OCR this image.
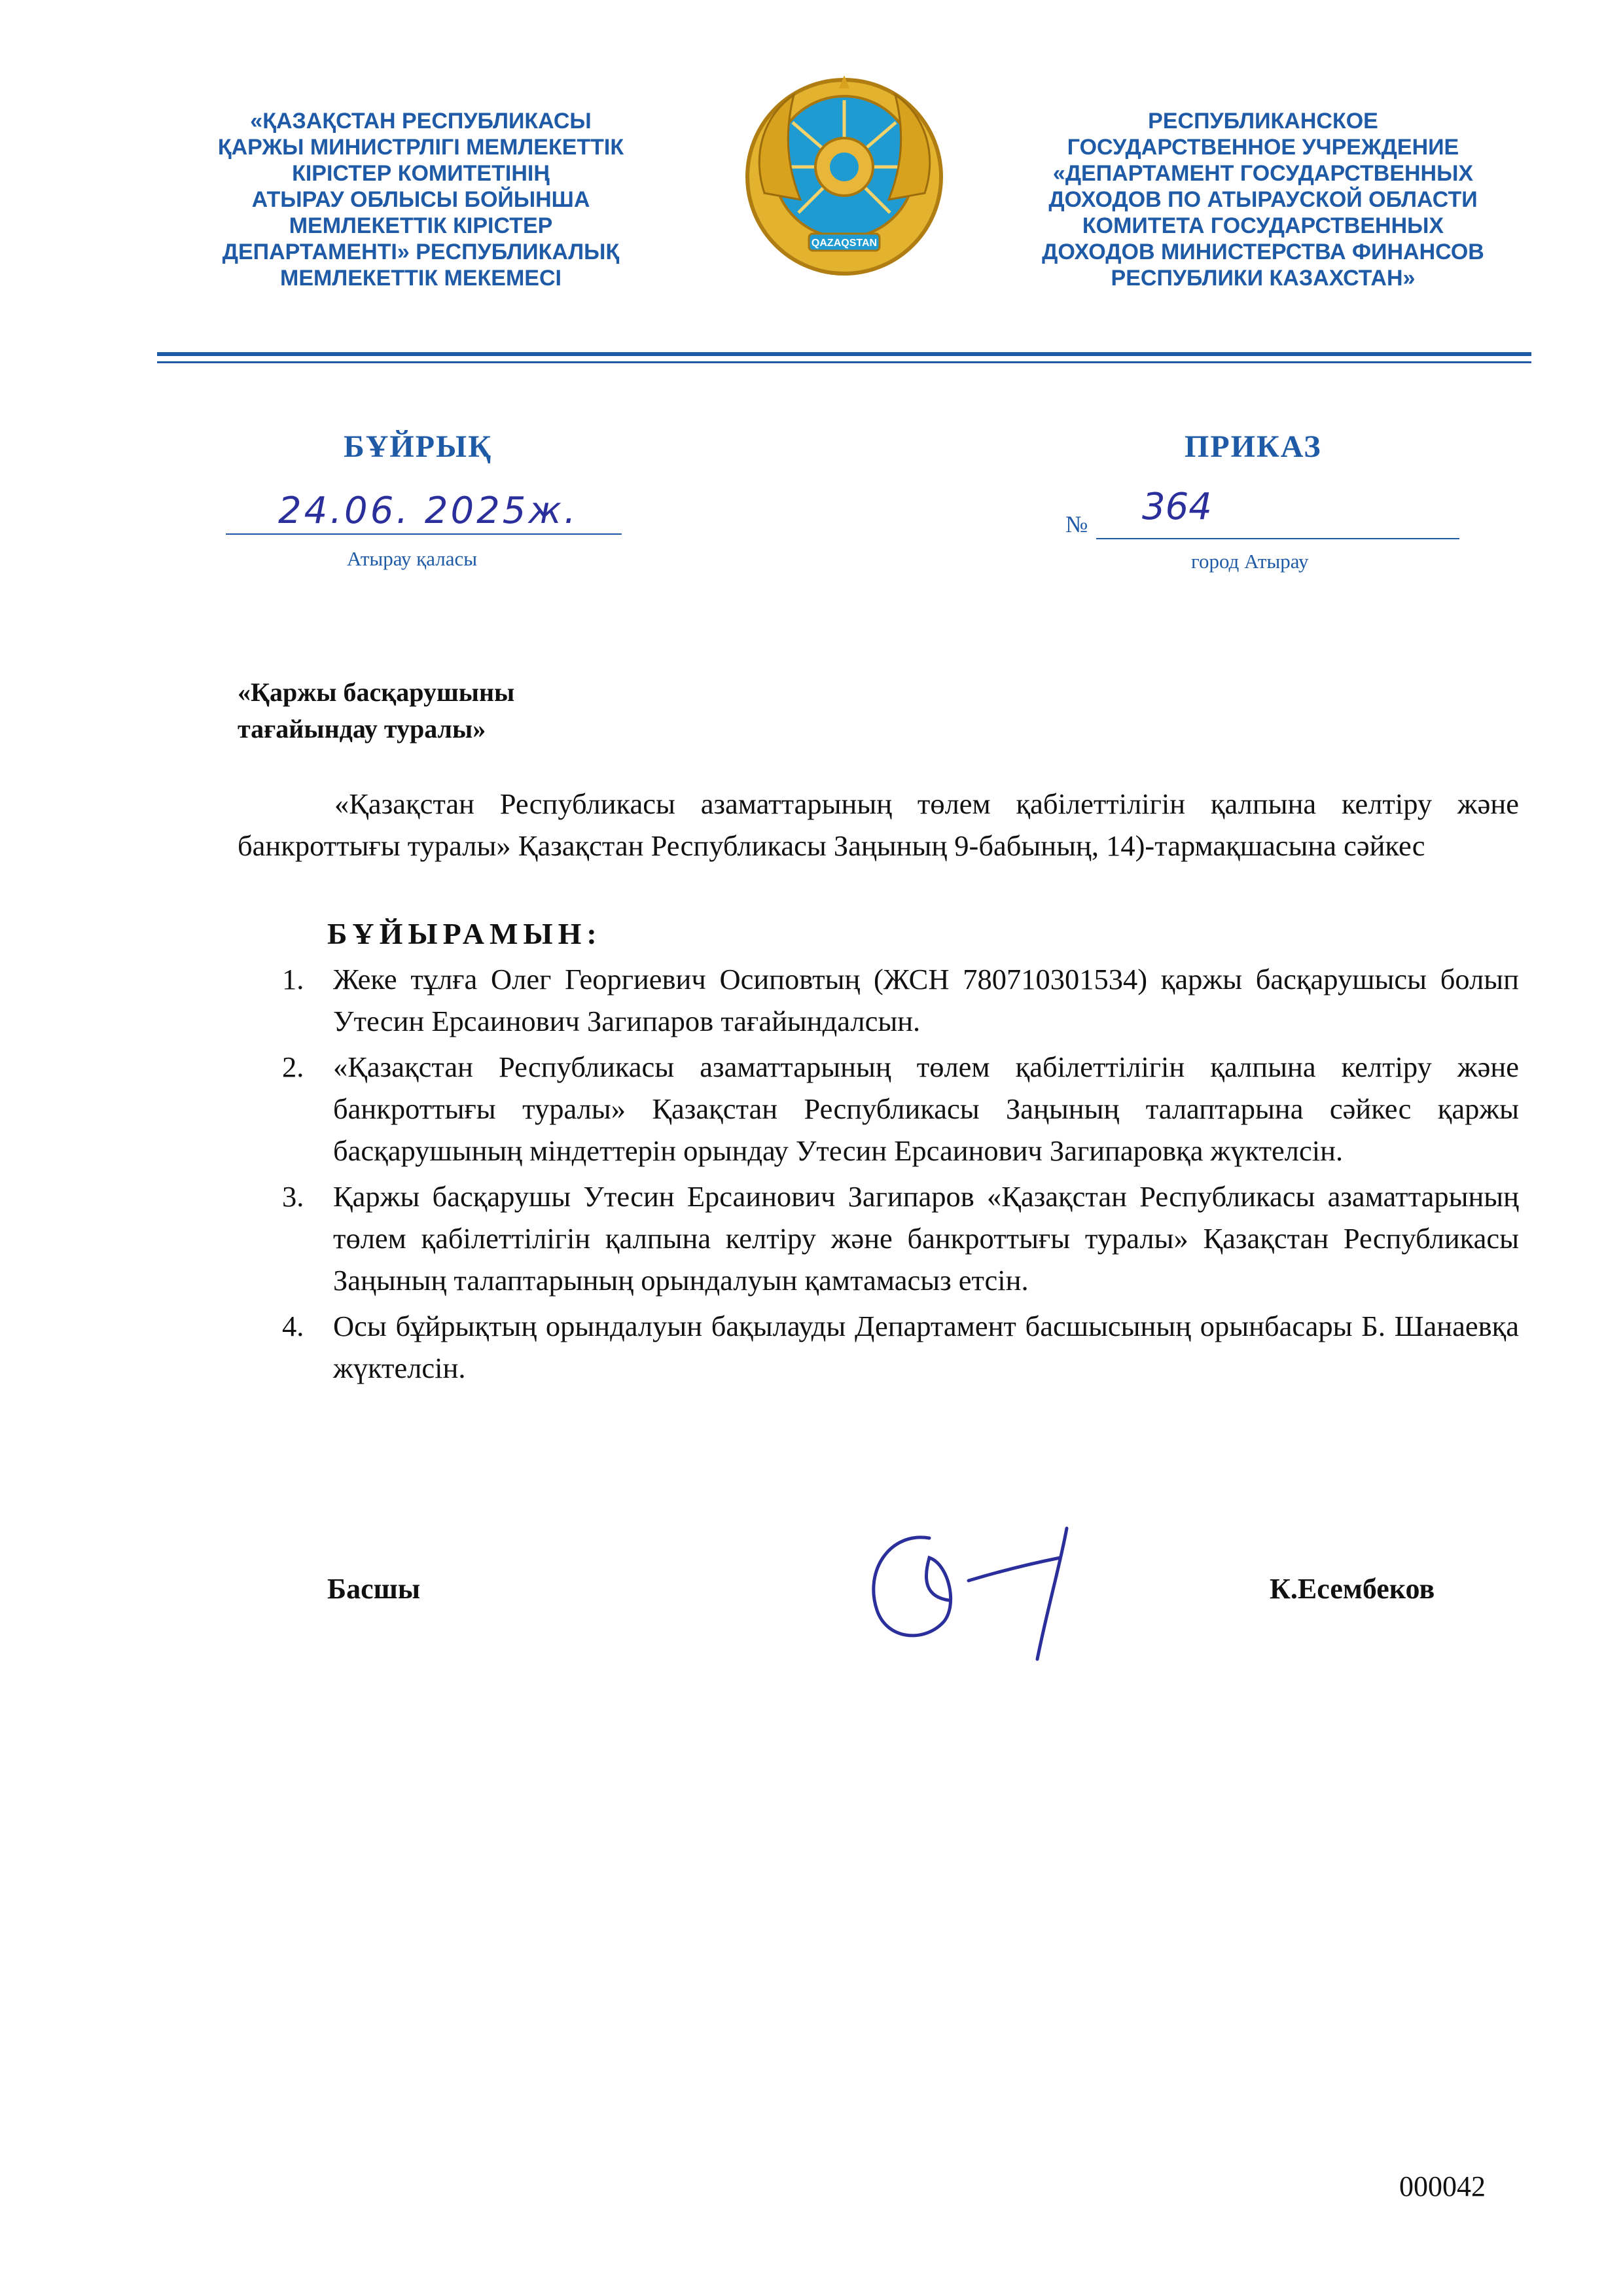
«ҚАЗАҚСТАН РЕСПУБЛИКАСЫ
ҚАРЖЫ МИНИСТРЛІГІ МЕМЛЕКЕТТІК
КІРІСТЕР КОМИТЕТІНІҢ
АТЫРАУ ОБЛЫСЫ БОЙЫНША
МЕМЛЕКЕТТІК КІРІСТЕР
ДЕПАРТАМЕНТІ» РЕСПУБЛИКАЛЫҚ
МЕМЛЕКЕТТІК МЕКЕМЕСІ
QAZAQSTAN
РЕСПУБЛИКАНСКОЕ
ГОСУДАРСТВЕННОЕ УЧРЕЖДЕНИЕ
«ДЕПАРТАМЕНТ ГОСУДАРСТВЕННЫХ
ДОХОДОВ ПО АТЫРАУСКОЙ ОБЛАСТИ
КОМИТЕТА ГОСУДАРСТВЕННЫХ
ДОХОДОВ МИНИСТЕРСТВА ФИНАНСОВ
РЕСПУБЛИКИ КАЗАХСТАН»
БҰЙРЫҚ	ПРИКАЗ
24.06. 2025ж.
Атырау қаласы
№ 364
город Атырау
«Қаржы басқарушыны
тағайындау туралы»
«Қазақстан Республикасы азаматтарының төлем қабілеттілігін қалпына келтіру және банкроттығы туралы» Қазақстан Республикасы Заңының 9-бабының, 14)-тармақшасына сәйкес
БҰЙЫРАМЫН:
1. Жеке тұлға Олег Георгиевич Осиповтың (ЖСН 780710301534) қаржы басқарушысы болып Утесин Ерсаинович Загипаров тағайындалсын.
2. «Қазақстан Республикасы азаматтарының төлем қабілеттілігін қалпына келтіру және банкроттығы туралы» Қазақстан Республикасы Заңының талаптарына сәйкес қаржы басқарушының міндеттерін орындау Утесин Ерсаинович Загипаровқа жүктелсін.
3. Қаржы басқарушы Утесин Ерсаинович Загипаров «Қазақстан Республикасы азаматтарының төлем қабілеттілігін қалпына келтіру және банкроттығы туралы» Қазақстан Республикасы Заңының талаптарының орындалуын қамтамасыз етсін.
4. Осы бұйрықтың орындалуын бақылауды Департамент басшысының орынбасары Б. Шанаевқа жүктелсін.
Басшы	К.Есембеков
000042
